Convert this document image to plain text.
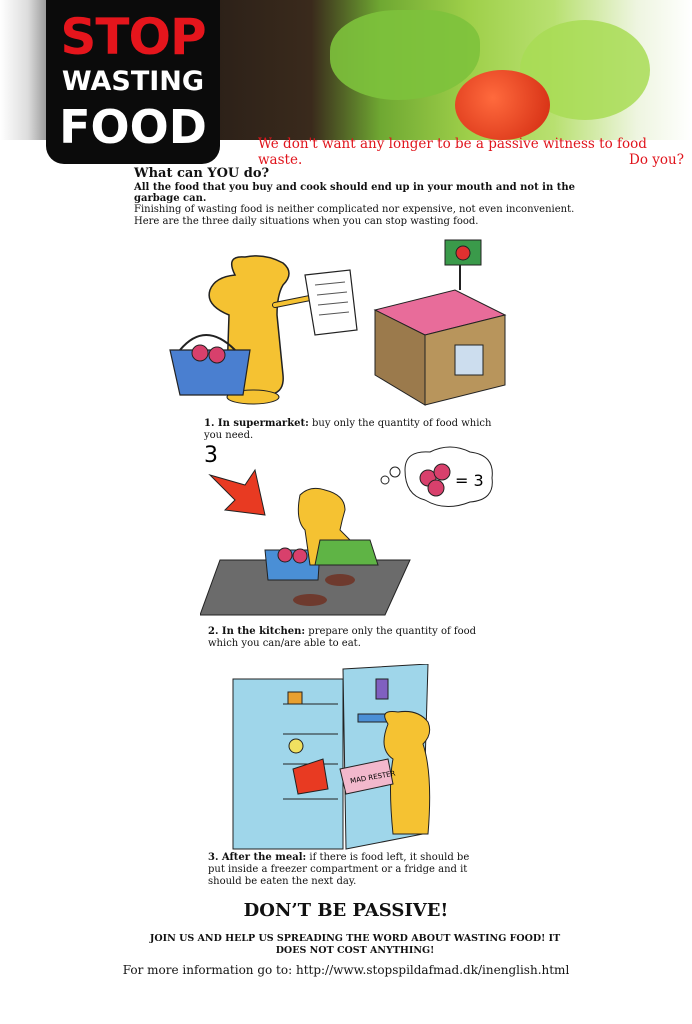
STOP
WASTING
FOOD	We don't want any longer to be a passive witness to food waste.	Do you?
What can YOU do?
All the food that you buy and cook should end up in your mouth and not in the garbage can.
Finishing of wasting food is neither complicated nor expensive, not even inconvenient.
Here are the three daily situations when you can stop wasting food.
1. In supermarket: buy only the quantity of food which you need.
3
= 3
2. In the kitchen: prepare only the quantity of food which you can/are able to eat.
MAD RESTER
3. After the meal: if there is food left, it should be put inside a freezer compartment or a fridge and it should be eaten the next day.
DON’T BE PASSIVE!
JOIN US AND HELP US SPREADING THE WORD ABOUT WASTING FOOD! IT DOES NOT COST ANYTHING!
For more information go to: http://www.stopspildafmad.dk/inenglish.html
